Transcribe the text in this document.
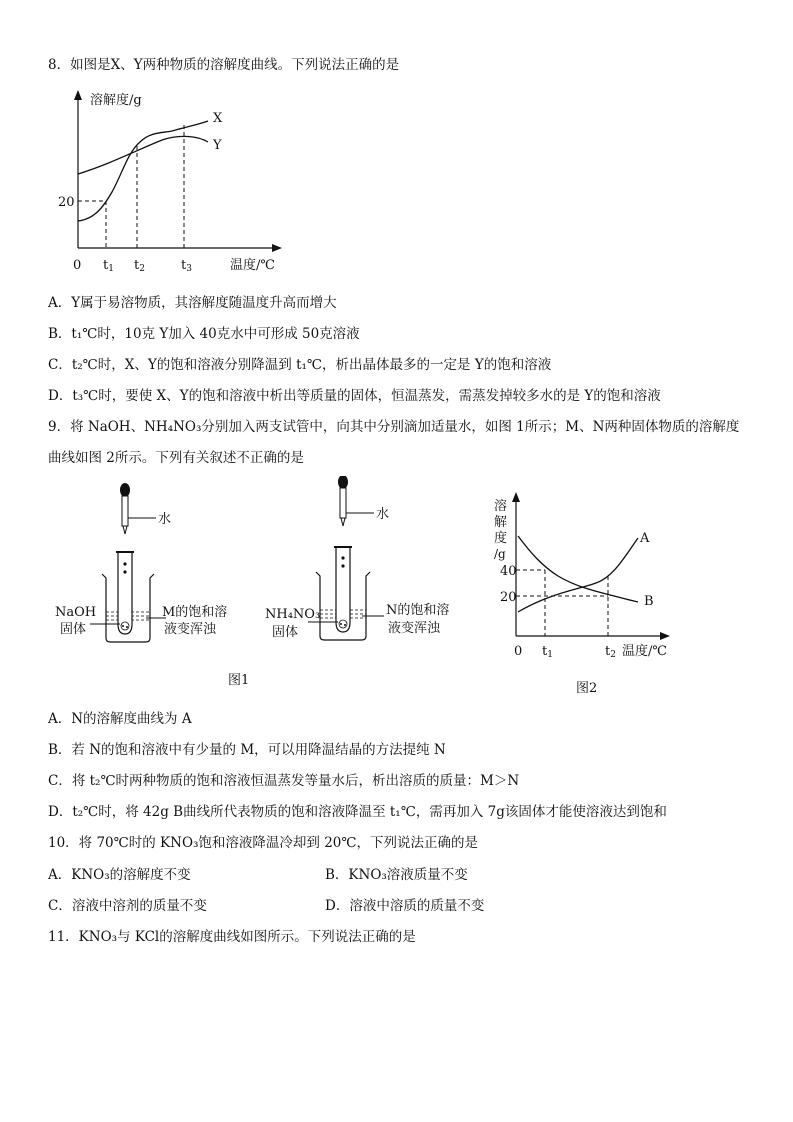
8．如图是X、Y两种物质的溶解度曲线。下列说法正确的是
溶解度/g
X
Y
20
0 t1 t2	t3	温度/℃
A．Y属于易溶物质，其溶解度随温度升高而增大
B．t₁℃时，10克 Y加入 40克水中可形成 50克溶液
C．t₂℃时，X、Y的饱和溶液分别降温到 t₁℃，析出晶体最多的一定是 Y的饱和溶液
D．t₃℃时，要使 X、Y的饱和溶液中析出等质量的固体，恒温蒸发，需蒸发掉较多水的是 Y的饱和溶液
9．将 NaOH、NH₄NO₃分别加入两支试管中，向其中分别滴加适量水，如图 1所示；M、N两种固体物质的溶解度
曲线如图 2所示。下列有关叙述不正确的是
水
NaOH
固体
M的饱和溶
液变浑浊
水
NH₄NO₃
固体
N的饱和溶
液变浑浊
图1
溶
解
度
/g
40
20
0 t1	t2 温度/℃
A
B
图2
A．N的溶解度曲线为 A
B．若 N的饱和溶液中有少量的 M，可以用降温结晶的方法提纯 N
C．将 t₂℃时两种物质的饱和溶液恒温蒸发等量水后，析出溶质的质量：M＞N
D．t₂℃时，将 42g B曲线所代表物质的饱和溶液降温至 t₁℃，需再加入 7g该固体才能使溶液达到饱和
10．将 70℃时的 KNO₃饱和溶液降温冷却到 20℃，下列说法正确的是
A．KNO₃的溶解度不变	B．KNO₃溶液质量不变
C．溶液中溶剂的质量不变	D．溶液中溶质的质量不变
11．KNO₃与 KCl的溶解度曲线如图所示。下列说法正确的是
